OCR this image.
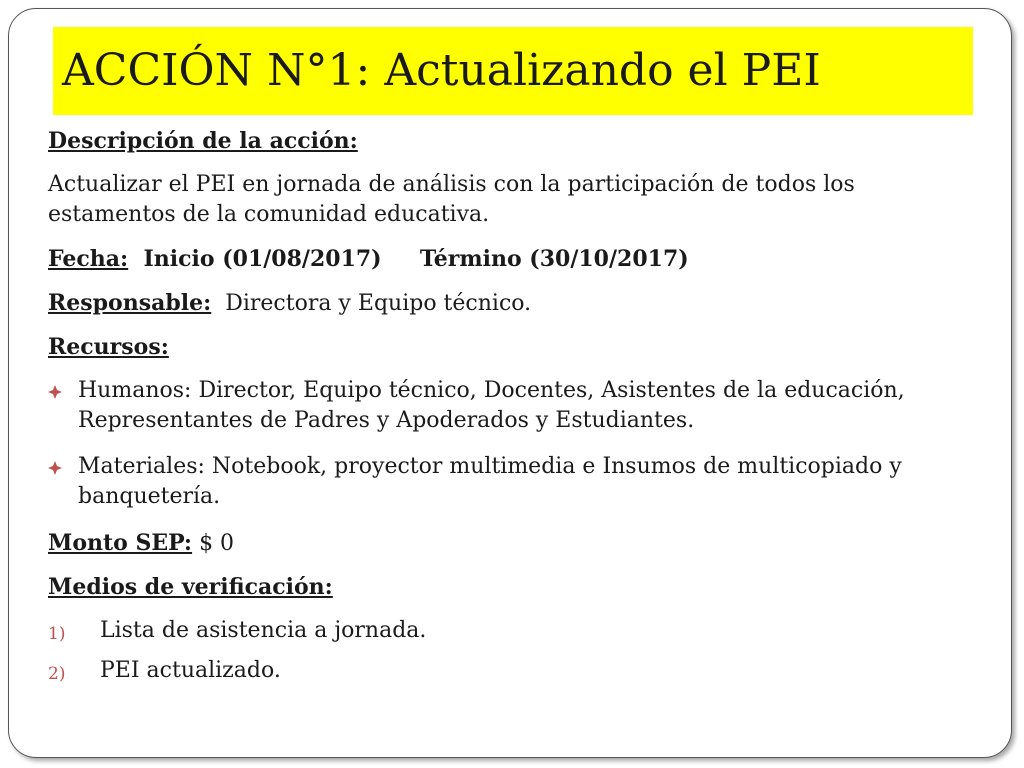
ACCIÓN N°1: Actualizando el PEI
Descripción de la acción:
Actualizar el PEI en jornada de análisis con la participación de todos los
estamentos de la comunidad educativa.
Fecha: Inicio (01/08/2017) Término (30/10/2017)
Responsable: Directora y Equipo técnico.
Recursos:
Humanos: Director, Equipo técnico, Docentes, Asistentes de la educación,
Representantes de Padres y Apoderados y Estudiantes.
Materiales: Notebook, proyector multimedia e Insumos de multicopiado y
banquetería.
Monto SEP: $ 0
Medios de verificación:
1) Lista de asistencia a jornada.
2) PEI actualizado.
